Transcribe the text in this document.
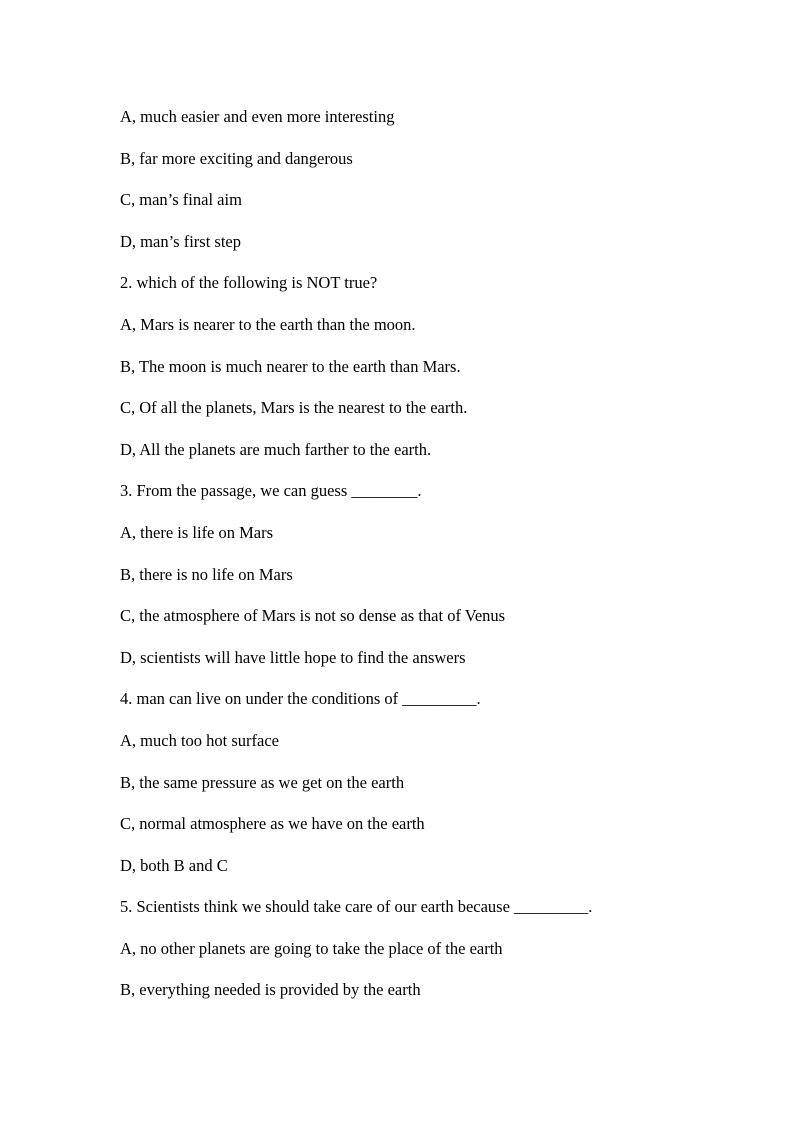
A, much easier and even more interesting
B, far more exciting and dangerous
C, man’s final aim
D, man’s first step
2. which of the following is NOT true?
A, Mars is nearer to the earth than the moon.
B, The moon is much nearer to the earth than Mars.
C, Of all the planets, Mars is the nearest to the earth.
D, All the planets are much farther to the earth.
3. From the passage, we can guess ________.
A, there is life on Mars
B, there is no life on Mars
C, the atmosphere of Mars is not so dense as that of Venus
D, scientists will have little hope to find the answers
4. man can live on under the conditions of _________.
A, much too hot surface
B, the same pressure as we get on the earth
C, normal atmosphere as we have on the earth
D, both B and C
5. Scientists think we should take care of our earth because _________.
A, no other planets are going to take the place of the earth
B, everything needed is provided by the earth
